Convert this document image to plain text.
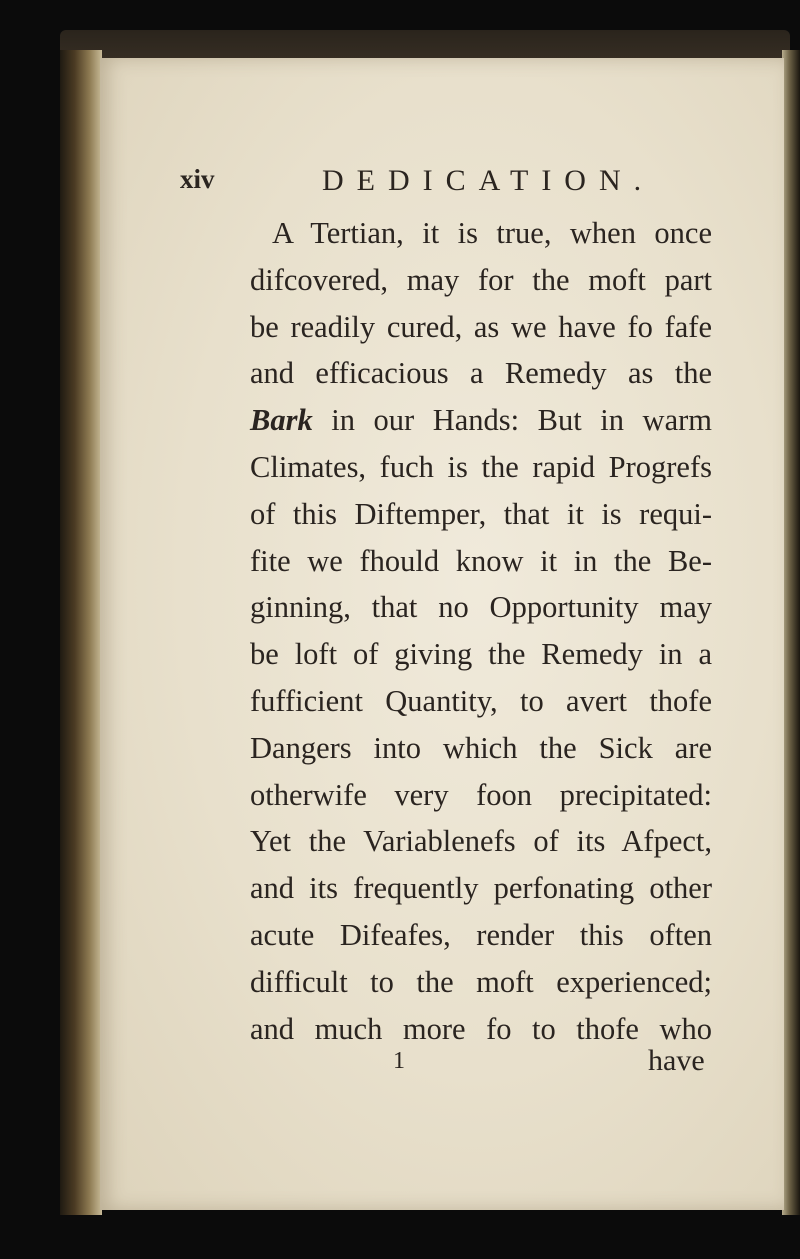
xiv	DEDICATION.

A Tertian, it is true, when once
difcovered, may for the moft part
be readily cured, as we have fo fafe
and efficacious a Remedy as the
Bark in our Hands: But in warm
Climates, fuch is the rapid Progrefs
of this Diftemper, that it is requi-
fite we fhould know it in the Be-
ginning, that no Opportunity may
be loft of giving the Remedy in a
fufficient Quantity, to avert thofe
Dangers into which the Sick are
otherwife very foon precipitated:
Yet the Variablenefs of its Afpect,
and its frequently perfonating other
acute Difeafes, render this often
difficult to the moft experienced;
and much more fo to thofe who

1	have
